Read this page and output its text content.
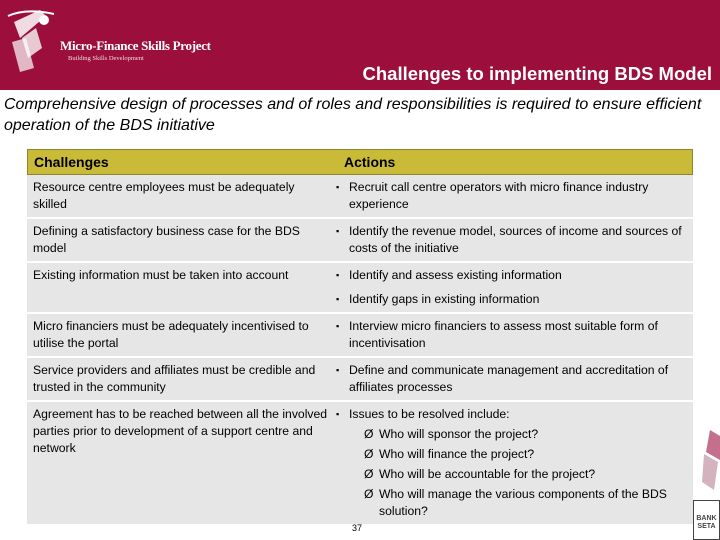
Micro-Finance Skills Project
Building Skills Development
Challenges to implementing BDS Model
Comprehensive design of processes and of roles and responsibilities is required to ensure efficient operation of the BDS initiative
Challenges	Actions
Resource centre employees must be adequately skilled
▪ Recruit call centre operators with micro finance industry experience
Defining a satisfactory business case for the BDS model
▪ Identify the revenue model, sources of income and sources of costs of the initiative
Existing information must be taken into account	▪ Identify and assess existing information
▪ Identify gaps in existing information
Micro financiers must be adequately incentivised to utilise the portal
▪ Interview micro financiers to assess most suitable form of incentivisation
Service providers and affiliates must be credible and trusted in the community
▪ Define and communicate management and accreditation of affiliates processes
Agreement has to be reached between all the involved parties prior to development of a support centre and network
▪ Issues to be resolved include:
Ø Who will sponsor the project?
Ø Who will finance the project?
Ø Who will be accountable for the project?
Ø Who will manage the various components of the BDS solution?
37
BANK
SETA
